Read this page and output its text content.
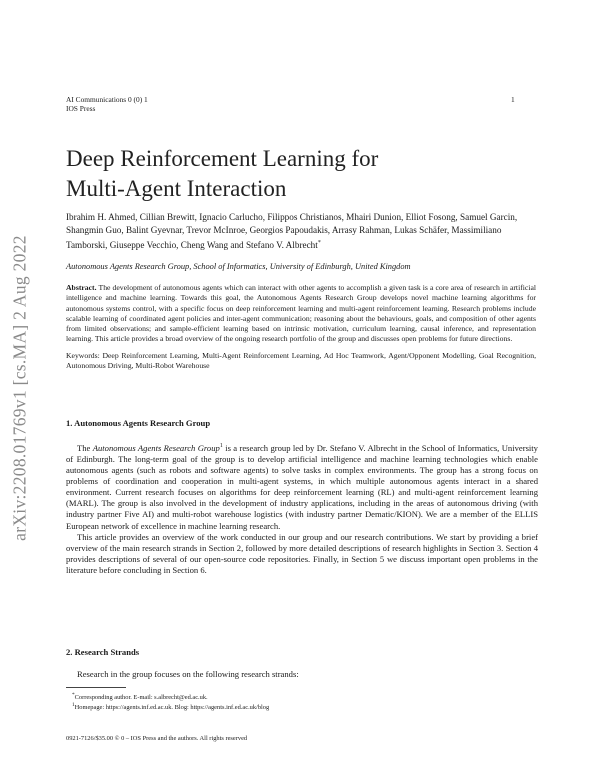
arXiv:2208.01769v1 [cs.MA] 2 Aug 2022
AI Communications 0 (0) 1
IOS Press
1
Deep Reinforcement Learning for
Multi-Agent Interaction
Ibrahim H. Ahmed, Cillian Brewitt, Ignacio Carlucho, Filippos Christianos, Mhairi Dunion, Elliot Fosong, Samuel Garcin, Shangmin Guo, Balint Gyevnar, Trevor McInroe, Georgios Papoudakis, Arrasy Rahman, Lukas Schäfer, Massimiliano Tamborski, Giuseppe Vecchio, Cheng Wang and Stefano V. Albrecht*
Autonomous Agents Research Group, School of Informatics, University of Edinburgh, United Kingdom
Abstract. The development of autonomous agents which can interact with other agents to accomplish a given task is a core area of research in artificial intelligence and machine learning. Towards this goal, the Autonomous Agents Research Group develops novel machine learning algorithms for autonomous systems control, with a specific focus on deep reinforcement learning and multi-agent reinforcement learning. Research problems include scalable learning of coordinated agent policies and inter-agent communication; reasoning about the behaviours, goals, and composition of other agents from limited observations; and sample-efficient learning based on intrinsic motivation, curriculum learning, causal inference, and representation learning. This article provides a broad overview of the ongoing research portfolio of the group and discusses open problems for future directions.
Keywords: Deep Reinforcement Learning, Multi-Agent Reinforcement Learning, Ad Hoc Teamwork, Agent/Opponent Modelling, Goal Recognition, Autonomous Driving, Multi-Robot Warehouse
1. Autonomous Agents Research Group

The Autonomous Agents Research Group$^1$ is a research group led by Dr. Stefano V. Albrecht in the School of Informatics, University of Edinburgh. The long-term goal of the group is to develop artificial intelligence and machine learning technologies which enable autonomous agents (such as robots and software agents) to solve tasks in complex environments. The group has a strong focus on problems of coordination and cooperation in multi-agent systems, in which multiple autonomous agents interact in a shared environment. Current research focuses on algorithms for deep reinforcement learning (RL) and multi-agent reinforcement learning (MARL). The group is also involved in the development of industry applications, including in the areas of autonomous driving (with industry partner Five AI) and multi-robot warehouse logistics (with industry partner Dematic/KION). We are a member of the ELLIS European network of excellence in machine learning research.

This article provides an overview of the work conducted in our group and our research contributions. We start by providing a brief overview of the main research strands in Section 2, followed by more detailed descriptions of research highlights in Section 3. Section 4 provides descriptions of several of our open-source code repositories. Finally, in Section 5 we discuss important open problems in the literature before concluding in Section 6.

2. Research Strands

Research in the group focuses on the following research strands:

*Corresponding author. E-mail: s.albrecht@ed.ac.uk.
$^1$Homepage: https://agents.inf.ed.ac.uk. Blog: https://agents.inf.ed.ac.uk/blog
0921-7126/$35.00 © 0 – IOS Press and the authors. All rights reserved
